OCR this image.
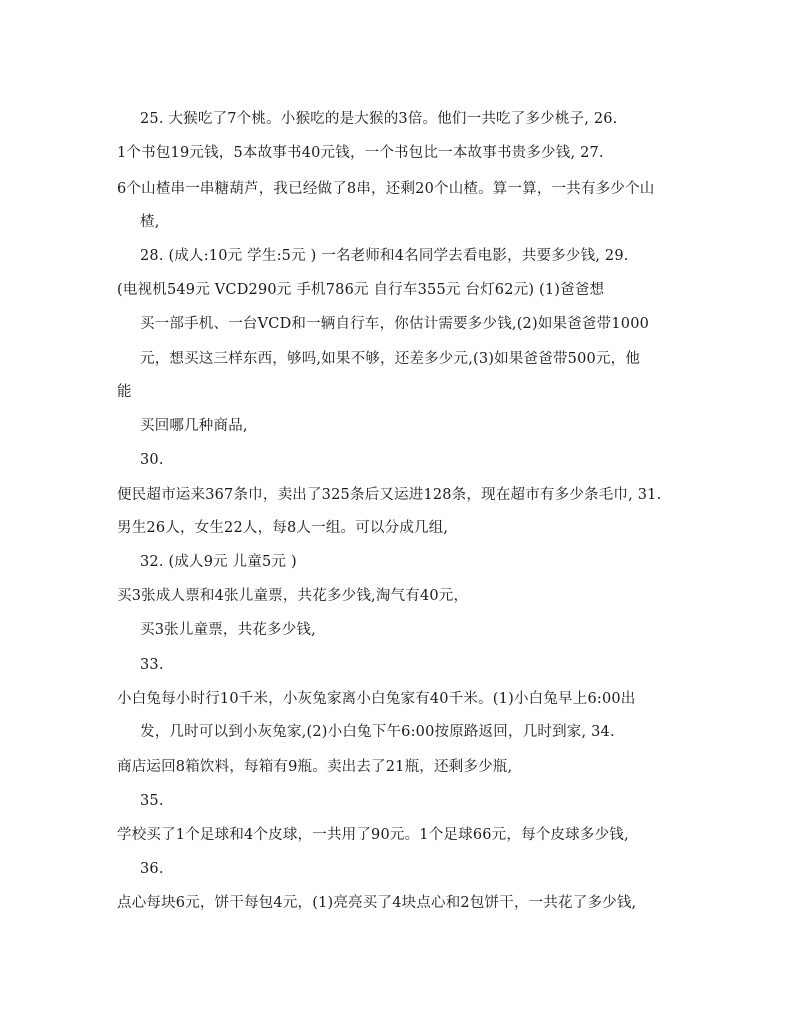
25. 大猴吃了7个桃。小猴吃的是大猴的3倍。他们一共吃了多少桃子, 26.
1个书包19元钱，5本故事书40元钱，一个书包比一本故事书贵多少钱, 27.
6个山楂串一串糖葫芦，我已经做了8串，还剩20个山楂。算一算，一共有多少个山
楂,
28. (成人:10元 学生:5元 ) 一名老师和4名同学去看电影，共要多少钱, 29.
(电视机549元 VCD290元 手机786元 自行车355元 台灯62元) (1)爸爸想
买一部手机、一台VCD和一辆自行车，你估计需要多少钱,(2)如果爸爸带1000
元，想买这三样东西，够吗,如果不够，还差多少元,(3)如果爸爸带500元，他
能
买回哪几种商品,
30.
便民超市运来367条巾，卖出了325条后又运进128条，现在超市有多少条毛巾, 31.
男生26人，女生22人，每8人一组。可以分成几组,
32. (成人9元 儿童5元 )
买3张成人票和4张儿童票，共花多少钱,淘气有40元，
买3张儿童票，共花多少钱,
33.
小白兔每小时行10千米，小灰兔家离小白兔家有40千米。(1)小白兔早上6:00出
发，几时可以到小灰兔家,(2)小白兔下午6:00按原路返回，几时到家, 34.
商店运回8箱饮料，每箱有9瓶。卖出去了21瓶，还剩多少瓶,
35.
学校买了1个足球和4个皮球，一共用了90元。1个足球66元，每个皮球多少钱,
36.
点心每块6元，饼干每包4元，(1)亮亮买了4块点心和2包饼干，一共花了多少钱,
